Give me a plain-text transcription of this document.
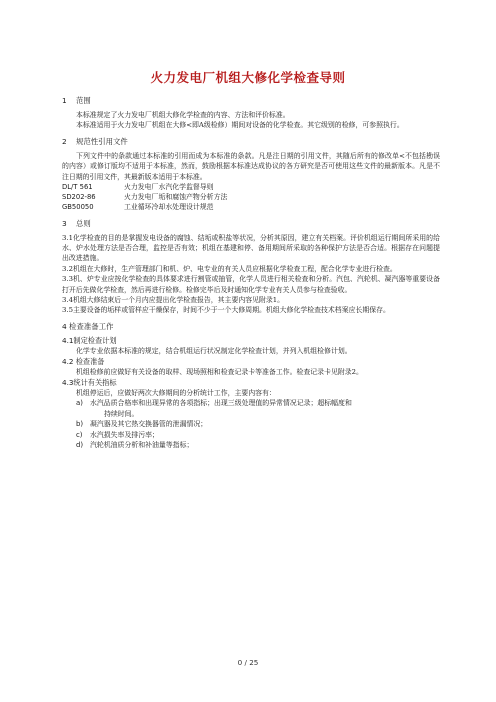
火力发电厂机组大修化学检查导则

1 范围

本标准规定了火力发电厂机组大修化学检查的内容、方法和评价标准。

本标准适用于火力发电厂机组在大修<即A级检修）期间对设备的化学检查。其它级别的检修，可参照执行。

2 规范性引用文件

下列文件中的条款通过本标准的引用而成为本标准的条款。凡是注日期的引用文件，其随后所有的修改单<不包括勘误的内容）或修订版均不适用于本标准，然而，鼓励根据本标准达成协议的各方研究是否可使用这些文件的最新版本。凡是不注日期的引用文件，其最新版本适用于本标准。

DL/T 561	火力发电厂水汽化学监督导则
SD202-86	火力发电厂垢和腐蚀产物分析方法
GB50050	工业循环冷却水处理设计规范

3 总则

3.1化学检查的目的是掌握发电设备的腐蚀、结垢或积盐等状况，分析其原因，建立有关档案。评价机组运行期间所采用的给水、炉水处理方法是否合理，监控是否有效；机组在基建和停、备用期间所采取的各种保护方法是否合适。根据存在问题提出改进措施。

3.2机组在大修时，生产管理部门和机、炉、电专业的有关人员应根据化学检查工程，配合化学专业进行检查。

3.3机、炉专业应按化学检查的具体要求进行割管或抽管，化学人员进行相关检查和分析。汽包、汽轮机、凝汽器等重要设备打开后先做化学检查，然后再进行检修。检修完毕后及时通知化学专业有关人员参与检查验收。

3.4机组大修结束后一个月内应提出化学检查报告，其主要内容见附录1。

3.5主要设备的垢样或管样应干燥保存，时间不少于一个大修周期。机组大修化学检查技术档案应长期保存。

4 检查准备工作

4.1制定检查计划

化学专业依据本标准的规定，结合机组运行状况制定化学检查计划，并列入机组检修计划。

4.2 检查准备

机组检修前应做好有关设备的取样、现场照相和检查记录卡等准备工作。检查记录卡见附录2。

4.3统计有关指标

机组停运后，应做好两次大修期间的分析统计工作，主要内容有：

a)	水汽品质合格率和出现异常的各项指标；出现三级处理值的异常情况记录；超标幅度和
持续时间。
b)	凝汽器及其它热交换器管的泄漏情况；
c)	水汽损失率及排污率；
d)	汽轮机油质分析和补油量等指标；
0 / 25
